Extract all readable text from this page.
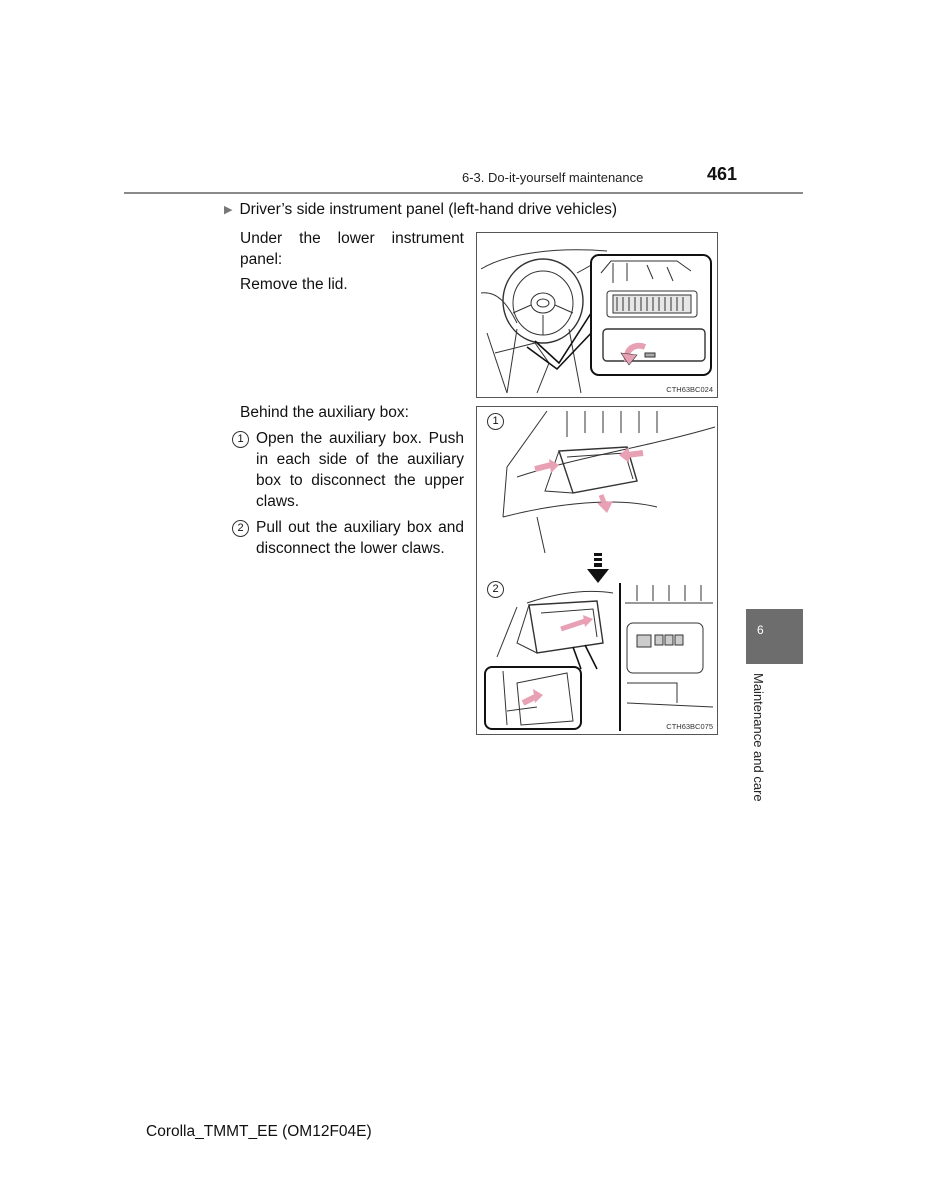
6-3. Do-it-yourself maintenance	461
▶ Driver’s side instrument panel (left-hand drive vehicles)
Under the lower instrument panel:
Remove the lid.
CTH63BC024
Behind the auxiliary box:
1 Open the auxiliary box. Push in each side of the auxiliary box to disconnect the upper claws.
2 Pull out the auxiliary box and disconnect the lower claws.
1
2
CTH63BC075
6
Maintenance and care
Corolla_TMMT_EE (OM12F04E)
